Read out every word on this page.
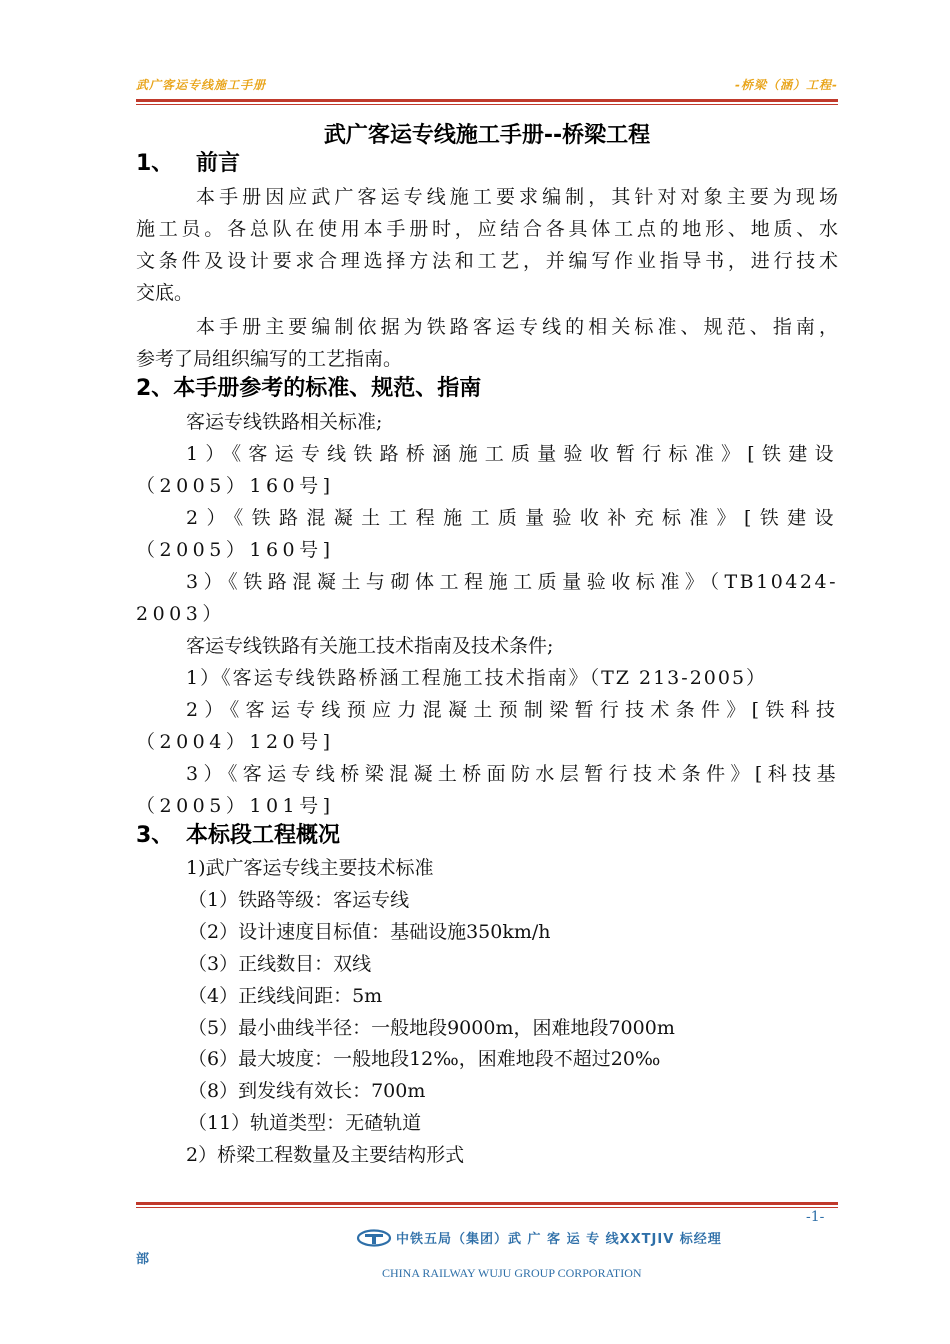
武广客运专线施工手册	-桥梁（涵）工程-
武广客运专线施工手册--桥梁工程
1、 前言
本手册因应武广客运专线施工要求编制，其针对对象主要为现场
施工员。各总队在使用本手册时，应结合各具体工点的地形、地质、水
文条件及设计要求合理选择方法和工艺，并编写作业指导书，进行技术
交底。
本手册主要编制依据为铁路客运专线的相关标准、规范、指南，
参考了局组织编写的工艺指南。
2、本手册参考的标准、规范、指南
客运专线铁路相关标准;
1）《客运专线铁路桥涵施工质量验收暂行标准》[铁建设
（2005）160号]
2）《铁路混凝土工程施工质量验收补充标准》[铁建设
（2005）160号]
3）《铁路混凝土与砌体工程施工质量验收标准》（TB10424-
2003）
客运专线铁路有关施工技术指南及技术条件;
1）《客运专线铁路桥涵工程施工技术指南》（TZ 213-2005）
2）《客运专线预应力混凝土预制梁暂行技术条件》[铁科技
（2004）120号]
3）《客运专线桥梁混凝土桥面防水层暂行技术条件》[科技基
（2005）101号]
3、 本标段工程概况
1)武广客运专线主要技术标准
（1）铁路等级：客运专线
（2）设计速度目标值：基础设施350km/h
（3）正线数目：双线
（4）正线线间距：5m
（5）最小曲线半径：一般地段9000m，困难地段7000m
（6）最大坡度：一般地段12‰，困难地段不超过20‰
（8）到发线有效长：700m
（11）轨道类型：无碴轨道
2）桥梁工程数量及主要结构形式
-1-
中铁五局（集团）武 广 客 运 专 线XXTJIV 标经理
部
CHINA RAILWAY WUJU GROUP CORPORATION
